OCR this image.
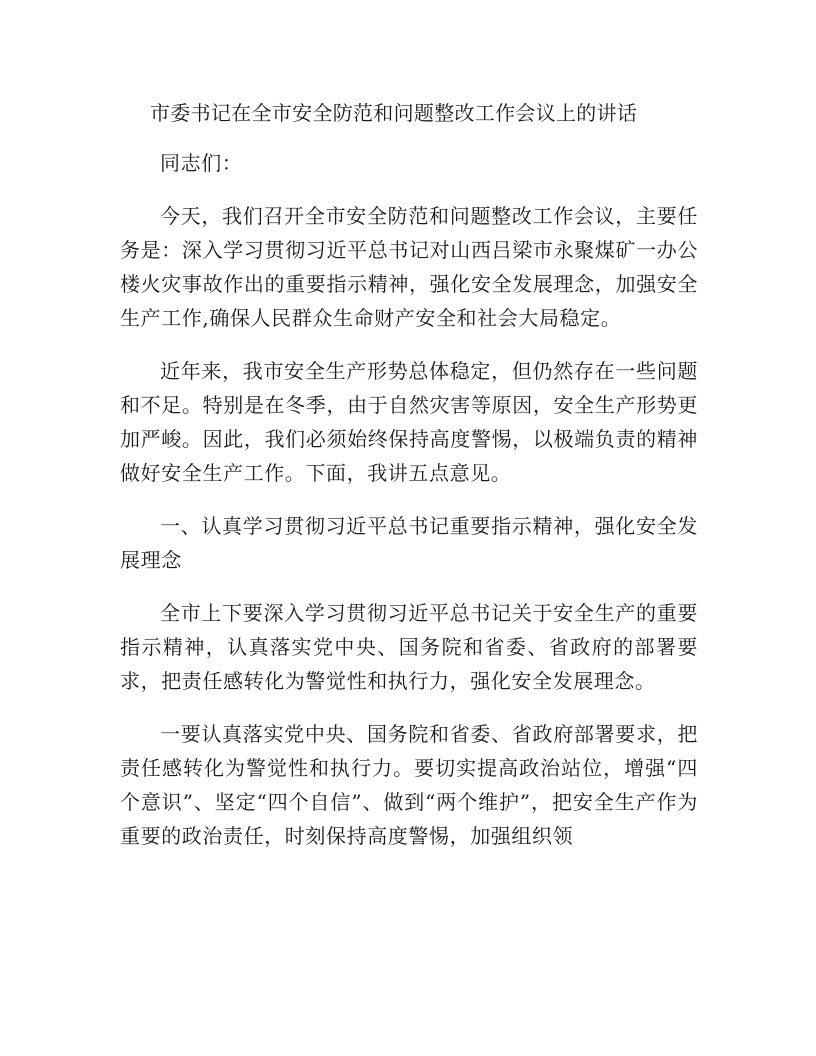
市委书记在全市安全防范和问题整改工作会议上的讲话

同志们：

今天，我们召开全市安全防范和问题整改工作会议，主要任务是：深入学习贯彻习近平总书记对山西吕梁市永聚煤矿一办公楼火灾事故作出的重要指示精神，强化安全发展理念，加强安全生产工作,确保人民群众生命财产安全和社会大局稳定。

近年来，我市安全生产形势总体稳定，但仍然存在一些问题和不足。特别是在冬季，由于自然灾害等原因，安全生产形势更加严峻。因此，我们必须始终保持高度警惕，以极端负责的精神做好安全生产工作。下面，我讲五点意见。

一、认真学习贯彻习近平总书记重要指示精神，强化安全发展理念

全市上下要深入学习贯彻习近平总书记关于安全生产的重要指示精神，认真落实党中央、国务院和省委、省政府的部署要求，把责任感转化为警觉性和执行力，强化安全发展理念。

一要认真落实党中央、国务院和省委、省政府部署要求，把责任感转化为警觉性和执行力。要切实提高政治站位，增强“四个意识”、坚定“四个自信”、做到“两个维护”，把安全生产作为重要的政治责任，时刻保持高度警惕，加强组织领
